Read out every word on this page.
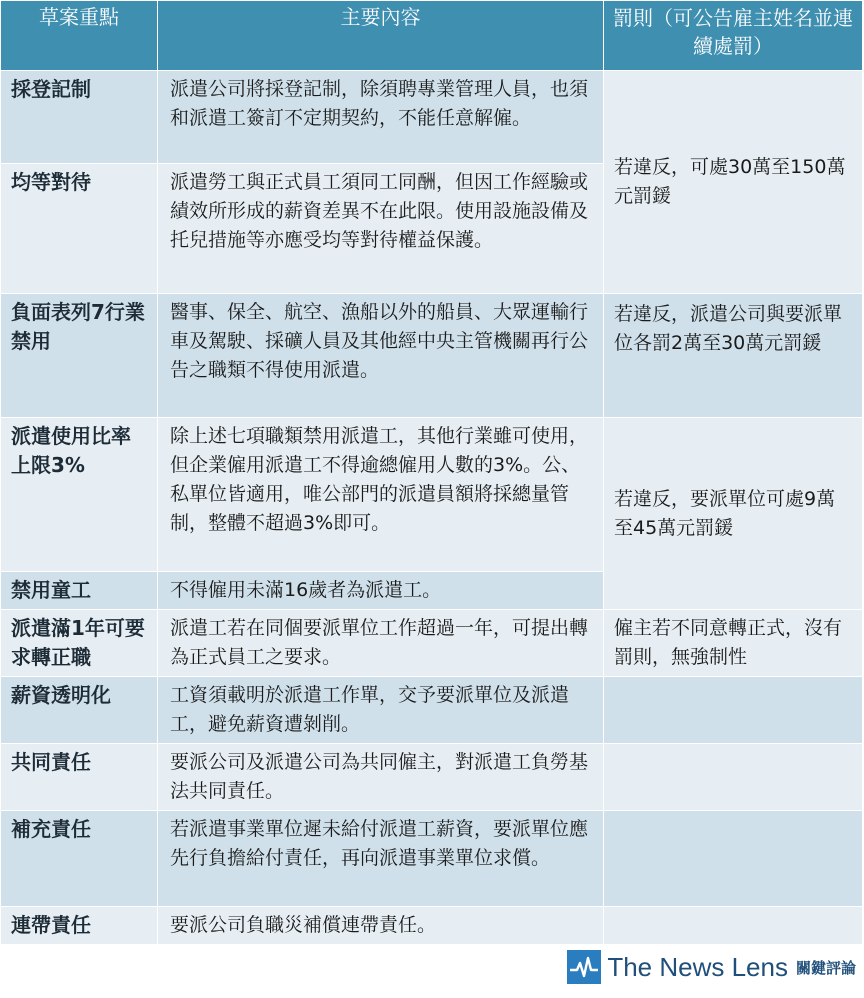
草案重點	主要內容	罰則（可公告雇主姓名並連續處罰）
採登記制	派遣公司將採登記制，除須聘專業管理人員，也須和派遣工簽訂不定期契約，不能任意解僱。	若違反，可處30萬至150萬元罰鍰
均等對待	派遣勞工與正式員工須同工同酬，但因工作經驗或績效所形成的薪資差異不在此限。使用設施設備及托兒措施等亦應受均等對待權益保護。	
負面表列7行業禁用	醫事、保全、航空、漁船以外的船員、大眾運輸行車及駕駛、採礦人員及其他經中央主管機關再行公告之職類不得使用派遣。	若違反，派遣公司與要派單位各罰2萬至30萬元罰鍰
派遣使用比率上限3%	除上述七項職類禁用派遣工，其他行業雖可使用，但企業僱用派遣工不得逾總僱用人數的3%。公、私單位皆適用，唯公部門的派遣員額將採總量管制，整體不超過3%即可。	若違反，要派單位可處9萬至45萬元罰鍰
禁用童工	不得僱用未滿16歲者為派遣工。	
派遣滿1年可要求轉正職	派遣工若在同個要派單位工作超過一年，可提出轉為正式員工之要求。	僱主若不同意轉正式，沒有罰則，無強制性
薪資透明化	工資須載明於派遣工作單，交予要派單位及派遣工，避免薪資遭剝削。	
共同責任	要派公司及派遣公司為共同僱主，對派遣工負勞基法共同責任。	
補充責任	若派遣事業單位遲未給付派遣工薪資，要派單位應先行負擔給付責任，再向派遣事業單位求償。	
連帶責任	要派公司負職災補償連帶責任。	
The News Lens 關鍵評論
